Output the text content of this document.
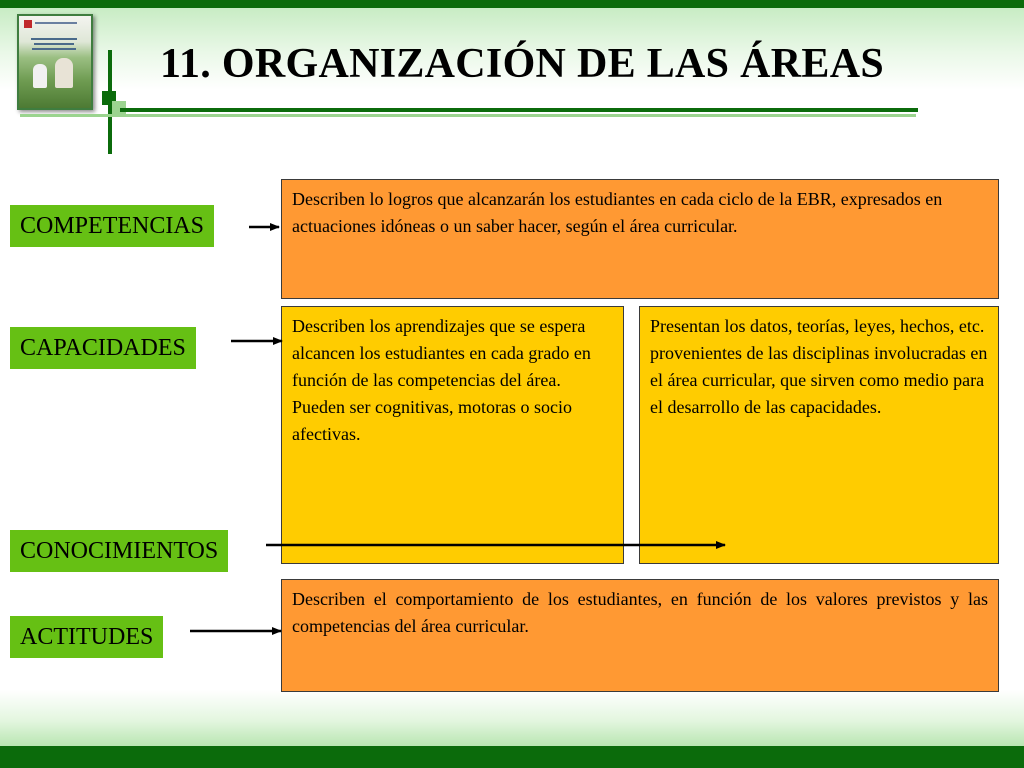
11. ORGANIZACIÓN DE LAS ÁREAS
COMPETENCIAS
CAPACIDADES
CONOCIMIENTOS
ACTITUDES
Describen lo logros que alcanzarán los estudiantes en cada ciclo de la EBR, expresados en actuaciones idóneas o un saber hacer, según el área curricular.
Describen los aprendizajes que se espera alcancen los estudiantes en cada grado en función de las competencias del área. Pueden ser cognitivas, motoras o socio afectivas.
Presentan los datos, teorías, leyes, hechos, etc. provenientes de las disciplinas involucradas en el área curricular, que sirven como medio para el desarrollo de las capacidades.
Describen el comportamiento de los estudiantes, en función de los valores previstos y las competencias del área curricular.
